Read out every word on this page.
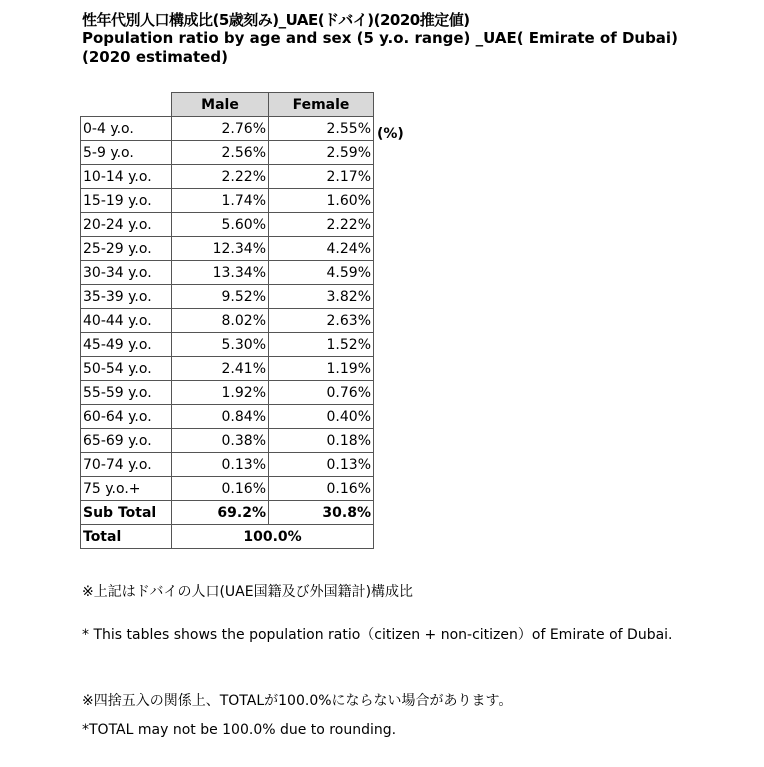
性年代別人口構成比(5歳刻み)_UAE(ドバイ)(2020推定値)
Population ratio by age and sex (5 y.o. range) _UAE( Emirate of Dubai) (2020 estimated)
	Male	Female
0-4 y.o.	2.76%	2.55%
5-9 y.o.	2.56%	2.59%
10-14 y.o.	2.22%	2.17%
15-19 y.o.	1.74%	1.60%
20-24 y.o.	5.60%	2.22%
25-29 y.o.	12.34%	4.24%
30-34 y.o.	13.34%	4.59%
35-39 y.o.	9.52%	3.82%
40-44 y.o.	8.02%	2.63%
45-49 y.o.	5.30%	1.52%
50-54 y.o.	2.41%	1.19%
55-59 y.o.	1.92%	0.76%
60-64 y.o.	0.84%	0.40%
65-69 y.o.	0.38%	0.18%
70-74 y.o.	0.13%	0.13%
75 y.o.+	0.16%	0.16%
Sub Total	69.2%	30.8%
Total	100.0%	
(%)
※上記はドバイの人口(UAE国籍及び外国籍計)構成比
* This tables shows the population ratio（citizen + non-citizen）of Emirate of Dubai.
※四捨五入の関係上、TOTALが100.0%にならない場合があります。
*TOTAL may not be 100.0% due to rounding.
